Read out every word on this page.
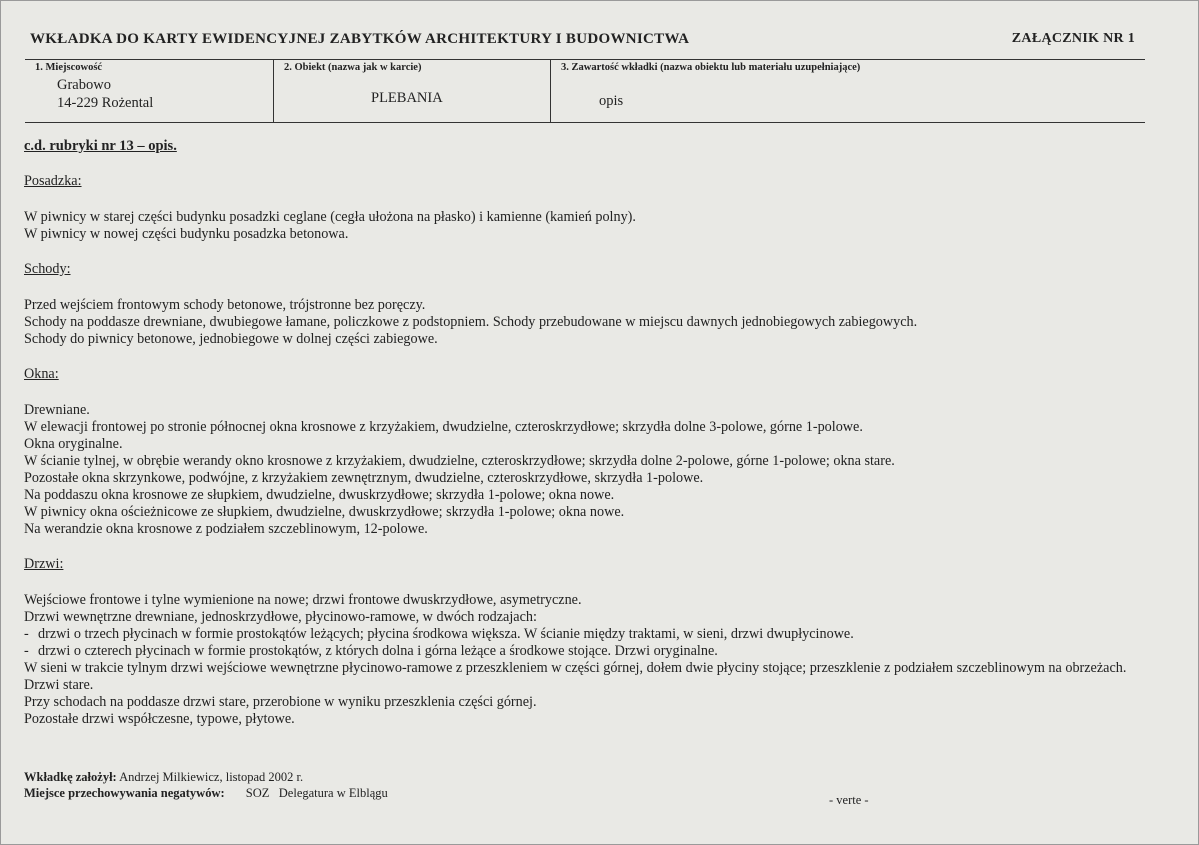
WKŁADKA DO KARTY EWIDENCYJNEJ ZABYTKÓW ARCHITEKTURY I BUDOWNICTWA	ZAŁĄCZNIK NR 1
1. Miejscowość
Grabowo
14-229 Rożental
2. Obiekt (nazwa jak w karcie)
PLEBANIA
3. Zawartość wkładki (nazwa obiektu lub materiału uzupełniające)
opis
c.d. rubryki nr 13 – opis.
Posadzka:
W piwnicy w starej części budynku posadzki ceglane (cegła ułożona na płasko) i kamienne (kamień polny).
W piwnicy w nowej części budynku posadzka betonowa.
Schody:
Przed wejściem frontowym schody betonowe, trójstronne bez poręczy.
Schody na poddasze drewniane, dwubiegowe łamane, policzkowe z podstopniem. Schody przebudowane w miejscu dawnych jednobiegowych zabiegowych.
Schody do piwnicy betonowe, jednobiegowe w dolnej części zabiegowe.
Okna:
Drewniane.
W elewacji frontowej po stronie północnej okna krosnowe z krzyżakiem, dwudzielne, czteroskrzydłowe; skrzydła dolne 3-polowe, górne 1-polowe.
Okna oryginalne.
W ścianie tylnej, w obrębie werandy okno krosnowe z krzyżakiem, dwudzielne, czteroskrzydłowe; skrzydła dolne 2-polowe, górne 1-polowe; okna stare.
Pozostałe okna skrzynkowe, podwójne, z krzyżakiem zewnętrznym, dwudzielne, czteroskrzydłowe, skrzydła 1-polowe.
Na poddaszu okna krosnowe ze słupkiem, dwudzielne, dwuskrzydłowe; skrzydła 1-polowe; okna nowe.
W piwnicy okna ościeżnicowe ze słupkiem, dwudzielne, dwuskrzydłowe; skrzydła 1-polowe; okna nowe.
Na werandzie okna krosnowe z podziałem szczeblinowym, 12-polowe.
Drzwi:
Wejściowe frontowe i tylne wymienione na nowe; drzwi frontowe dwuskrzydłowe, asymetryczne.
Drzwi wewnętrzne drewniane, jednoskrzydłowe, płycinowo-ramowe, w dwóch rodzajach:
- drzwi o trzech płycinach w formie prostokątów leżących; płycina środkowa większa. W ścianie między traktami, w sieni, drzwi dwupłycinowe.
- drzwi o czterech płycinach w formie prostokątów, z których dolna i górna leżące a środkowe stojące. Drzwi oryginalne.
W sieni w trakcie tylnym drzwi wejściowe wewnętrzne płycinowo-ramowe z przeszkleniem w części górnej, dołem dwie płyciny stojące; przeszklenie z podziałem szczeblinowym na obrzeżach. Drzwi stare.
Przy schodach na poddasze drzwi stare, przerobione w wyniku przeszklenia części górnej.
Pozostałe drzwi współczesne, typowe, płytowe.
Wkładkę założył: Andrzej Milkiewicz, listopad 2002 r.
Miejsce przechowywania negatywów: SOZ   Delegatura w Elblągu	- verte -
